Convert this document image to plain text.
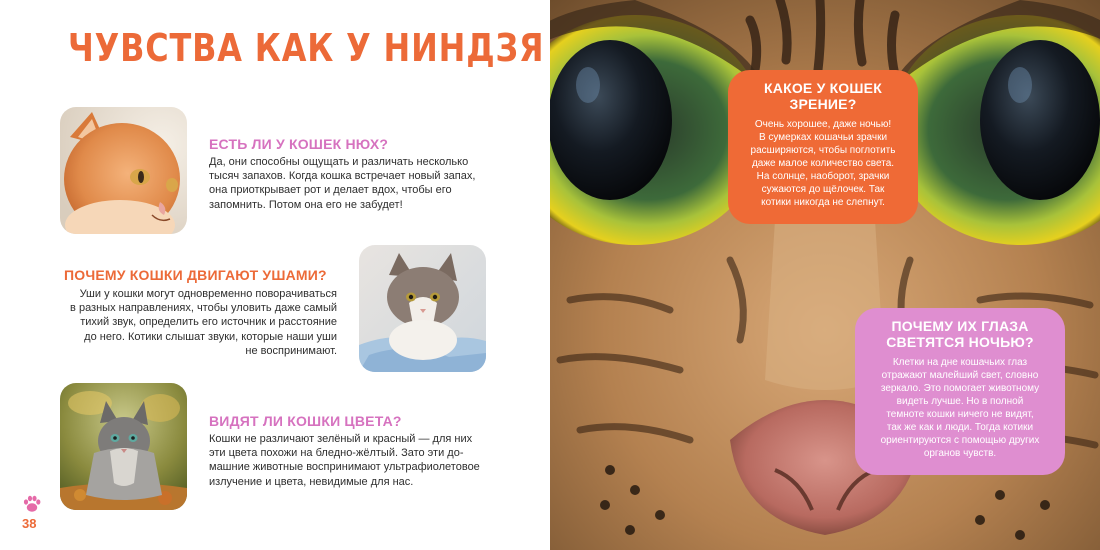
ЧУВСТВА КАК У НИНДЗЯ
ЕСТЬ ЛИ У КОШЕК НЮХ?
Да, они способны ощущать и различать несколько
тысяч запахов. Когда кошка встречает новый запах,
она приоткрывает рот и делает вдох, чтобы его
запомнить. Потом она его не забудет!
ПОЧЕМУ КОШКИ ДВИГАЮТ УШАМИ?
Уши у кошки могут одновременно поворачиваться
в разных направлениях, чтобы уловить даже самый
тихий звук, определить его источник и расстояние
до него. Котики слышат звуки, которые наши уши
не воспринимают.
ВИДЯТ ЛИ КОШКИ ЦВЕТА?
Кошки не различают зелёный и красный — для них
эти цвета похожи на бледно-жёлтый. Зато эти до-
машние животные воспринимают ультрафиолетовое
излучение и цвета, невидимые для нас.
38
КАКОЕ У КОШЕК
ЗРЕНИЕ?
Очень хорошее, даже ночью!
В сумерках кошачьи зрачки
расширяются, чтобы поглотить
даже малое количество света.
На солнце, наоборот, зрачки
сужаются до щёлочек. Так
котики никогда не слепнут.
ПОЧЕМУ ИХ ГЛАЗА
СВЕТЯТСЯ НОЧЬЮ?
Клетки на дне кошачьих глаз
отражают малейший свет, словно
зеркало. Это помогает животному
видеть лучше. Но в полной
темноте кошки ничего не видят,
так же как и люди. Тогда котики
ориентируются с помощью других
органов чувств.
